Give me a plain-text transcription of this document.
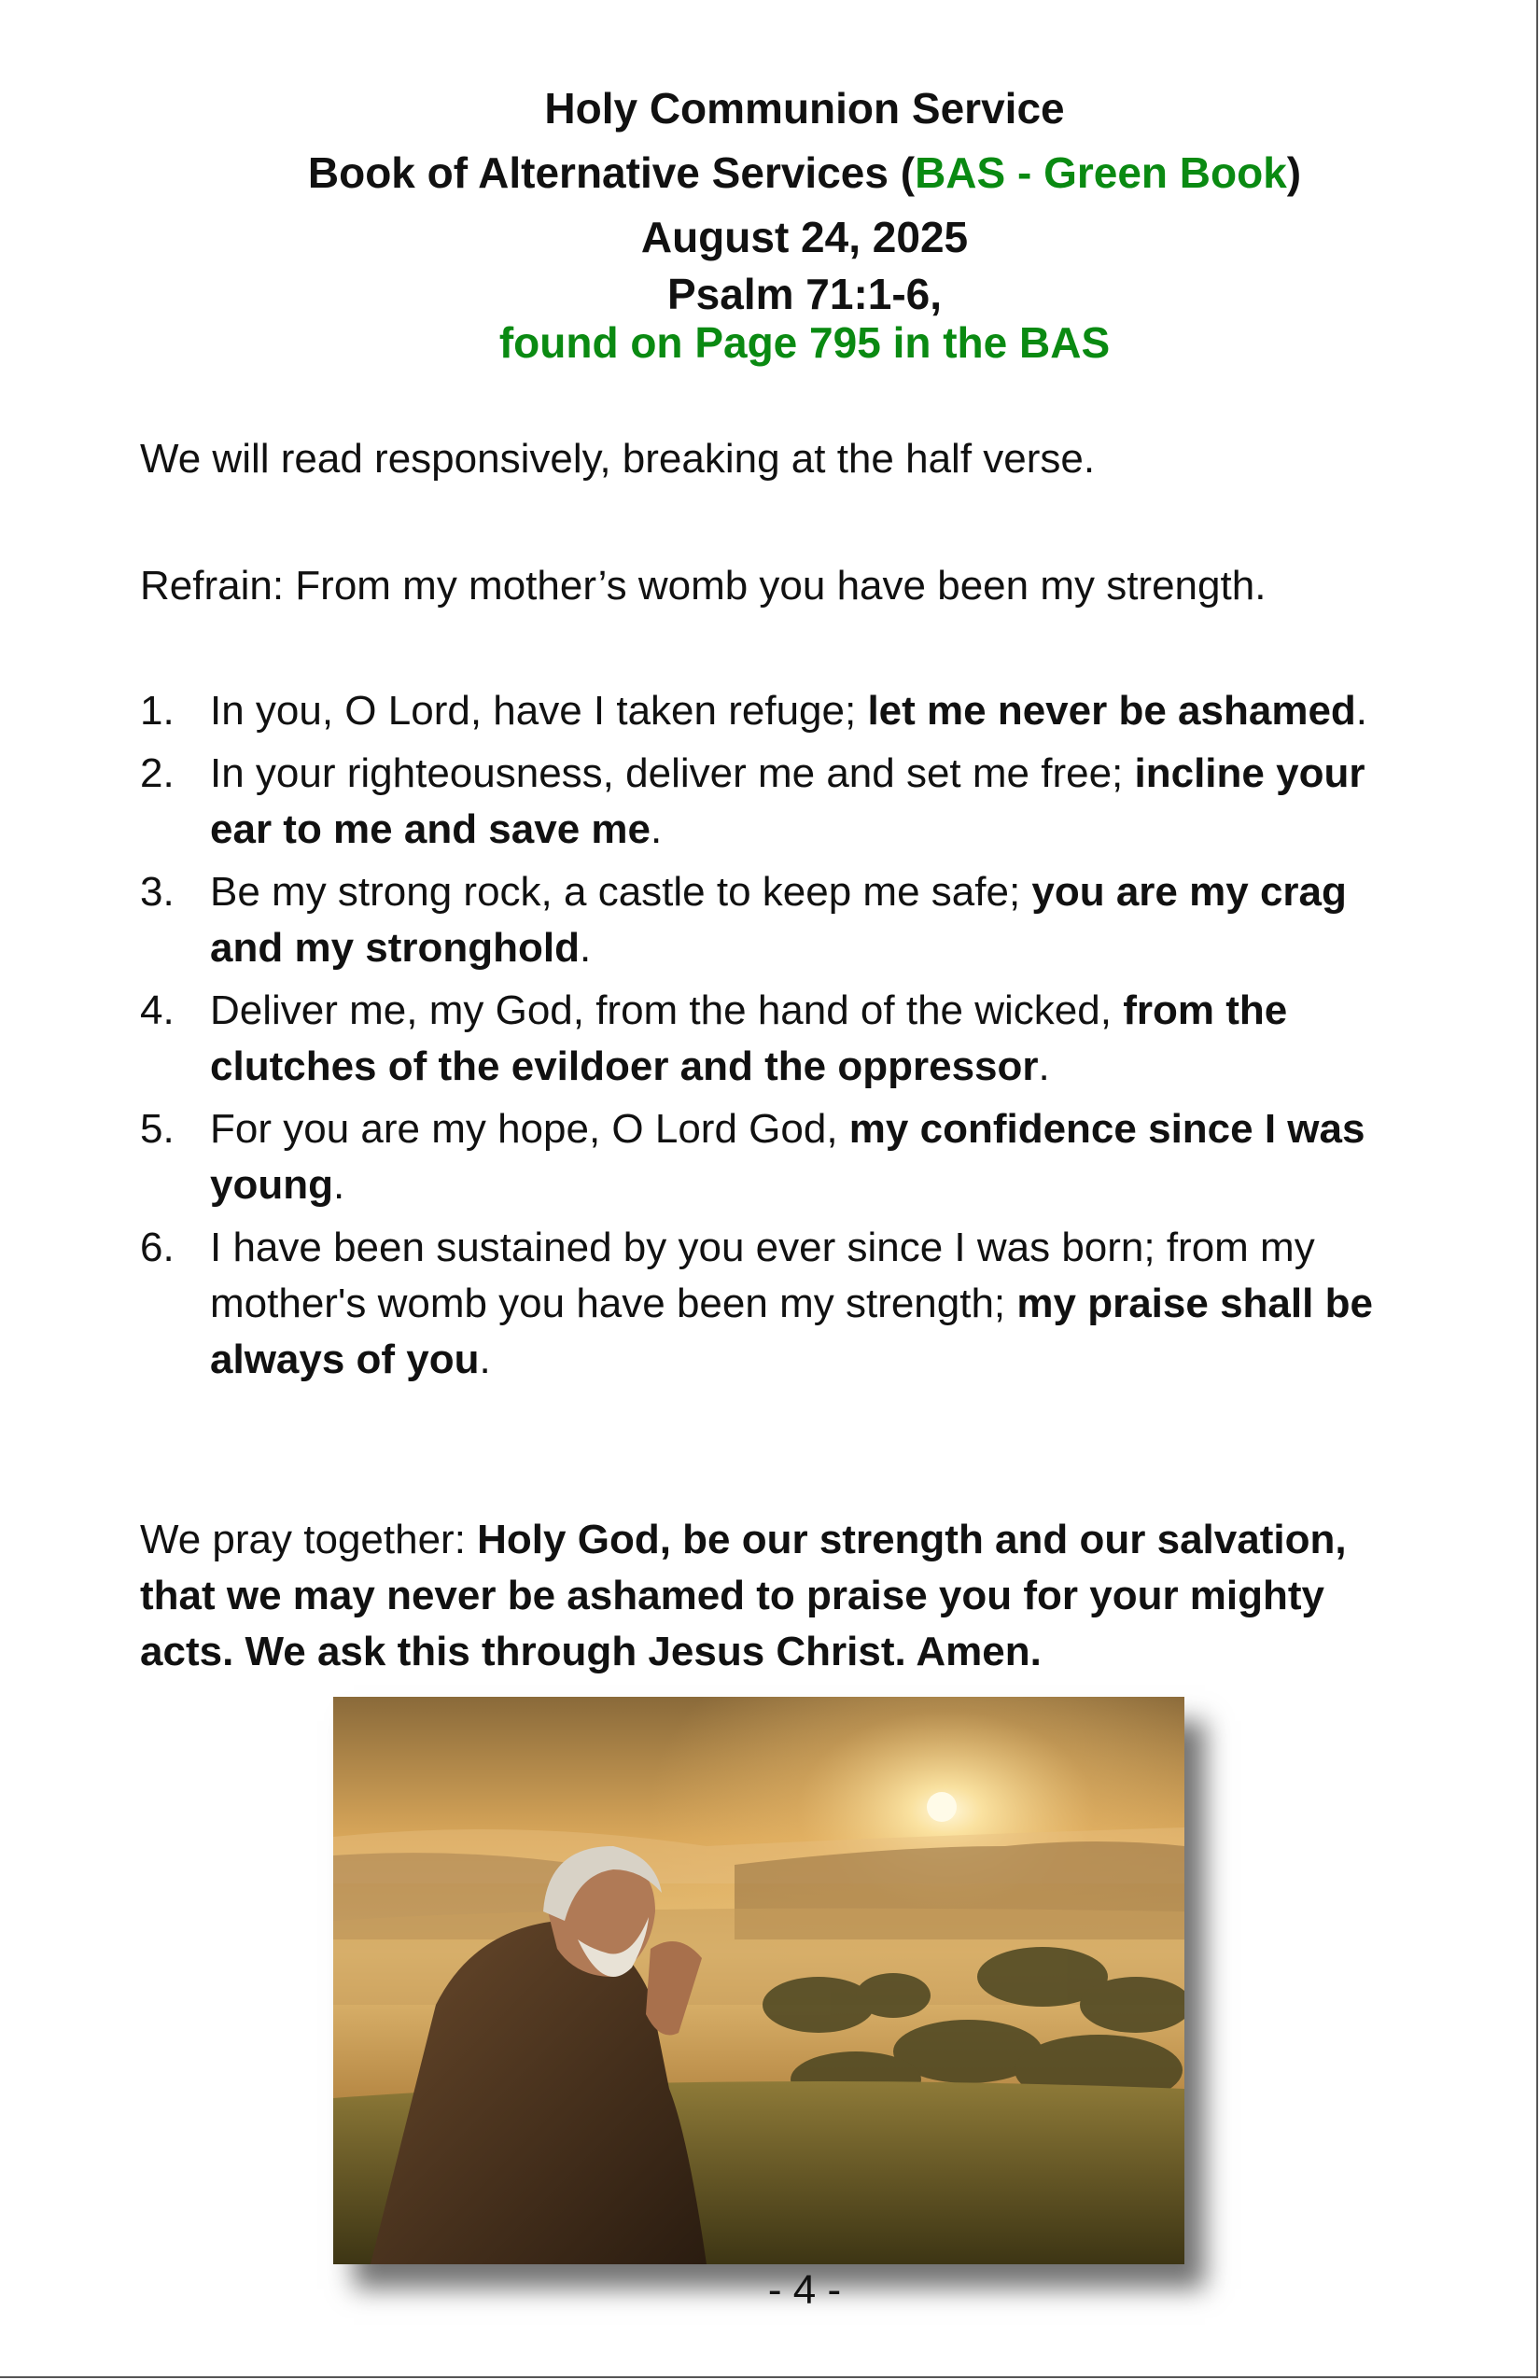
Holy Communion Service
Book of Alternative Services (BAS - Green Book)
August 24, 2025
Psalm 71:1-6,
found on Page 795 in the BAS
We will read responsively, breaking at the half verse.
Refrain: From my mother’s womb you have been my strength.
1. In you, O Lord, have I taken refuge; let me never be ashamed.
2. In your righteousness, deliver me and set me free; incline your ear to me and save me.
3. Be my strong rock, a castle to keep me safe; you are my crag and my stronghold.
4. Deliver me, my God, from the hand of the wicked, from the clutches of the evildoer and the oppressor.
5. For you are my hope, O Lord God, my confidence since I was young.
6. I have been sustained by you ever since I was born; from my mother's womb you have been my strength; my praise shall be always of you.
We pray together: Holy God, be our strength and our salvation, that we may never be ashamed to praise you for your mighty acts. We ask this through Jesus Christ. Amen.
- 4 -
